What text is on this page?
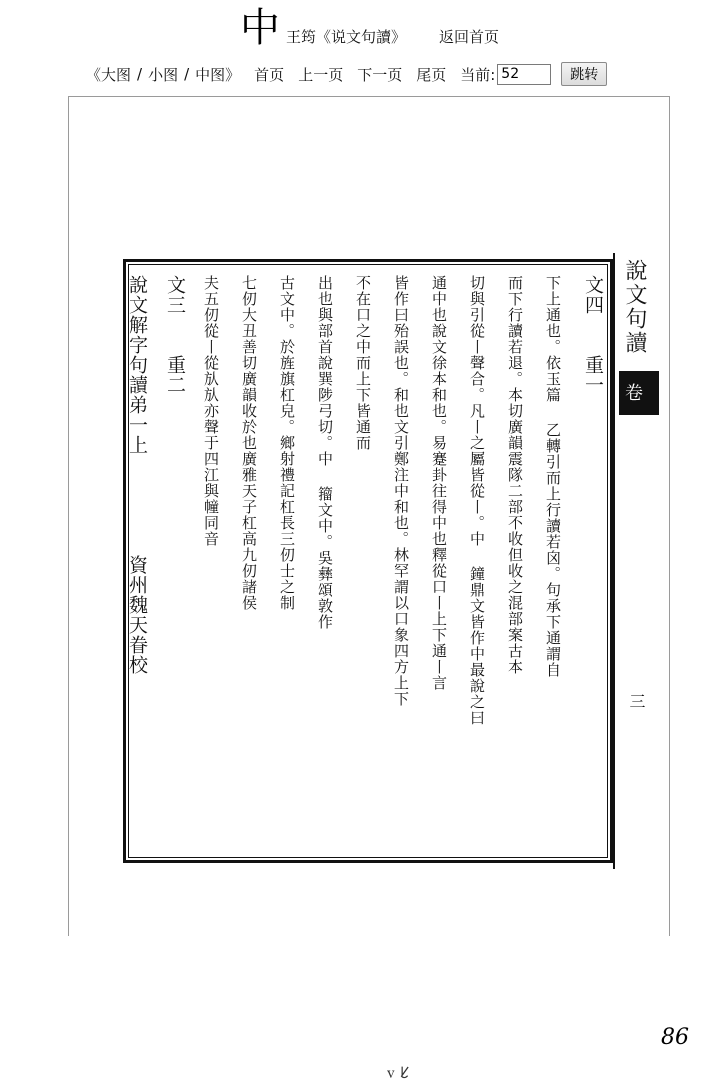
中 王筠《说文句讀》 返回首页
《大图 / 小图 / 中图》 首页 上一页 下一页 尾页 当前:
52	跳转
文四　　重一
下上通也。依玉篇 乙轉引而上行讀若囟。句承下通謂自
而下行讀若退。本切廣韻震隊二部不收但收之混部案古本
切與引從丨聲合。凡丨之屬皆從丨。中 鐘鼎文皆作中最說之曰
通中也說文徐本和也。易蹇卦往得中也釋從口丨上下通丨言
皆作曰殆誤也。和也文引鄭注中和也。林罕謂以口象四方上下
不在口之中而上下皆通而
出也與部首說巽陟弓切。中 籀文中。吳彝頌敦作
古文中。於旌旗杠皃。鄉射禮記杠長三仞士之制
七仞大丑善切廣韻收於也廣雅天子杠高九仞諸侯
夫五仞從丨從㫃㫃亦聲于四江與幢同音
文三　　重二
說文解字句讀弟一上　　　　　資州魏天眷校	說文句讀
卷一
三
86
ꮩ ᱥ
